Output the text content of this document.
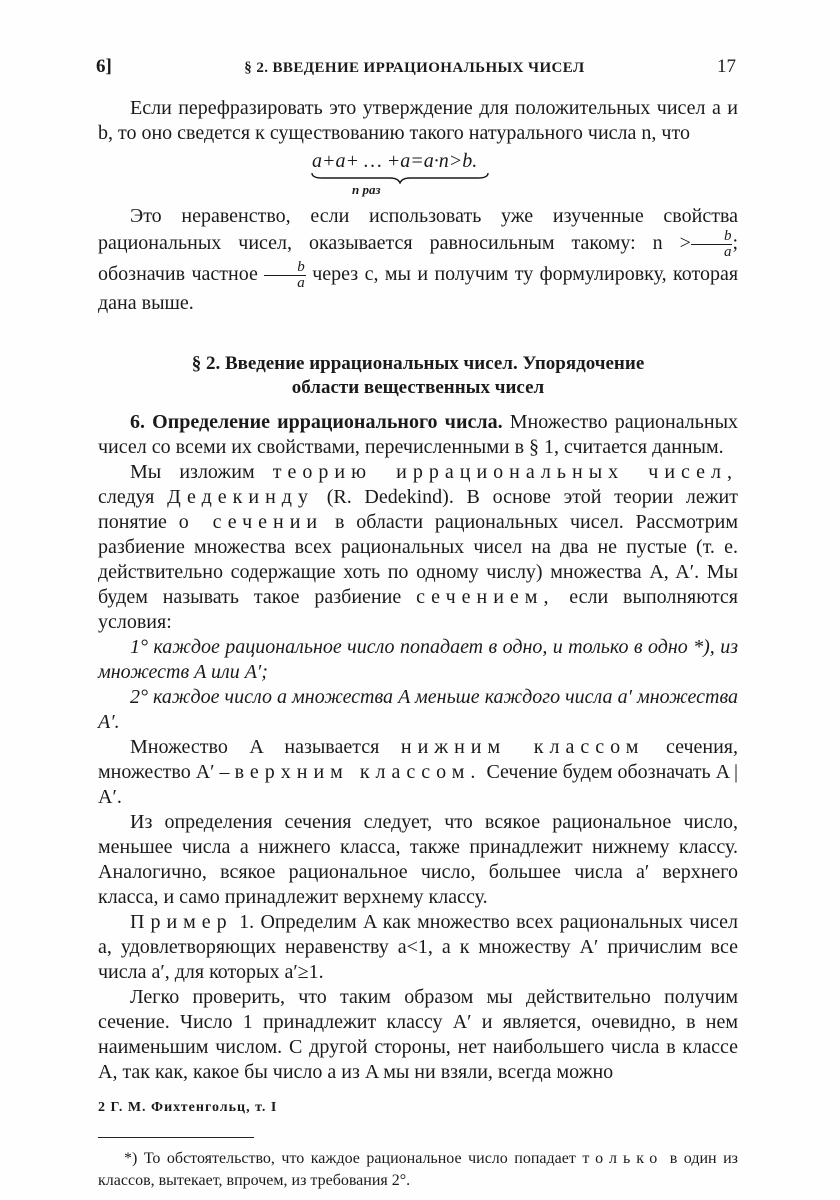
6]	§ 2. ВВЕДЕНИЕ ИРРАЦИОНАЛЬНЫХ ЧИСЕЛ	17

Если перефразировать это утверждение для положительных чисел a и b, то оно сведется к существованию такого натурального числа n, что

a+a+ … +a=a·n>b.
n раз

Это неравенство, если использовать уже изученные свойства рациональных чисел, оказывается равносильным такому: $n > \frac{b}{a}$ ; обозначив частное $\frac{b}{a}$ через c, мы и получим ту формулировку, которая дана выше.

§ 2. Введение иррациональных чисел. Упорядочение
области вещественных чисел

6. Определение иррационального числа. Множество рациональных чисел со всеми их свойствами, перечисленными в § 1, считается данным.

Мы изложим теорию иррациональных чисел, следуя Дедекинду (R. Dedekind). В основе этой теории лежит понятие о сечении в области рациональных чисел. Рассмотрим разбиение множества всех рациональных чисел на два не пустые (т. е. действительно содержащие хоть по одному числу) множества A, A′. Мы будем называть такое разбиение сечением, если выполняются условия:

1° каждое рациональное число попадает в одно, и только в одно *), из множеств A или A′;

2° каждое число a множества A меньше каждого числа a′ множества A′.

Множество A называется нижним классом сечения, множество A′ – верхним классом. Сечение будем обозначать A | A′.

Из определения сечения следует, что всякое рациональное число, меньшее числа a нижнего класса, также принадлежит нижнему классу. Аналогично, всякое рациональное число, большее числа a′ верхнего класса, и само принадлежит верхнему классу.

Пример 1. Определим A как множество всех рациональных чисел a, удовлетворяющих неравенству a<1, а к множеству A′ причислим все числа a′, для которых a′≥1.

Легко проверить, что таким образом мы действительно получим сечение. Число 1 принадлежит классу A′ и является, очевидно, в нем наименьшим числом. С другой стороны, нет наибольшего числа в классе A, так как, какое бы число a из A мы ни взяли, всегда можно

*) То обстоятельство, что каждое рациональное число попадает только в один из классов, вытекает, впрочем, из требования 2°.

2 Г. М. Фихтенгольц, т. I
